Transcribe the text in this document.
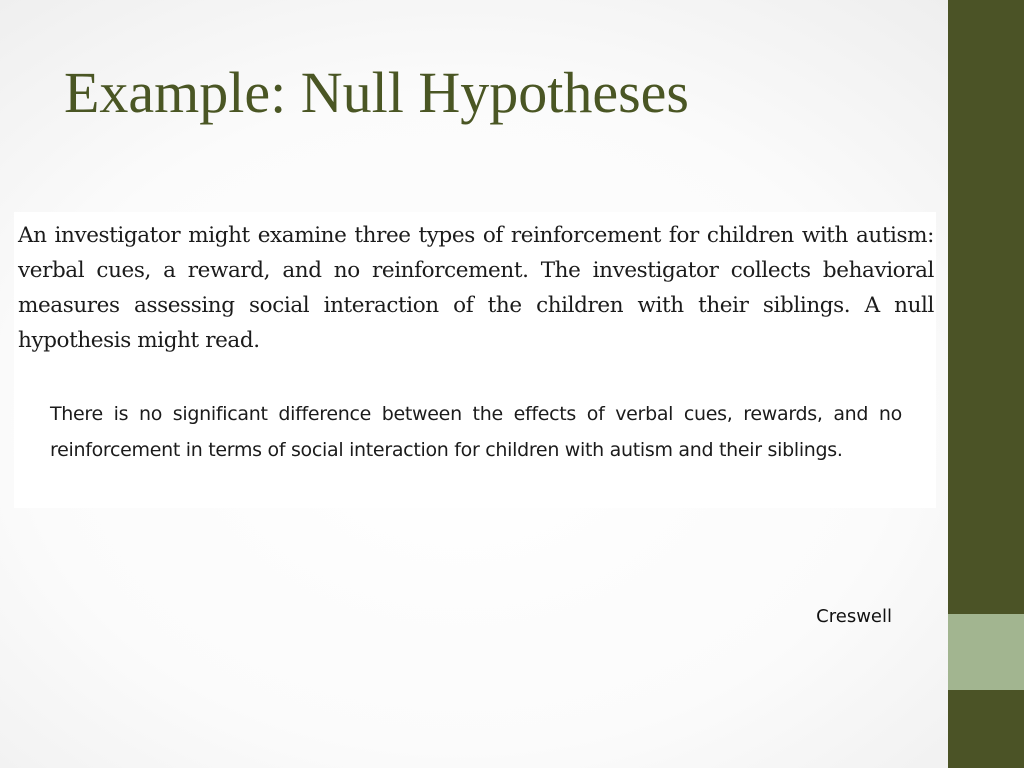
Example: Null Hypotheses

An investigator might examine three types of reinforcement for children with autism: verbal cues, a reward, and no reinforcement. The investigator collects behavioral measures assessing social interaction of the children with their siblings. A null hypothesis might read.

There is no significant difference between the effects of verbal cues, rewards, and no reinforcement in terms of social interaction for children with autism and their siblings.

Creswell
